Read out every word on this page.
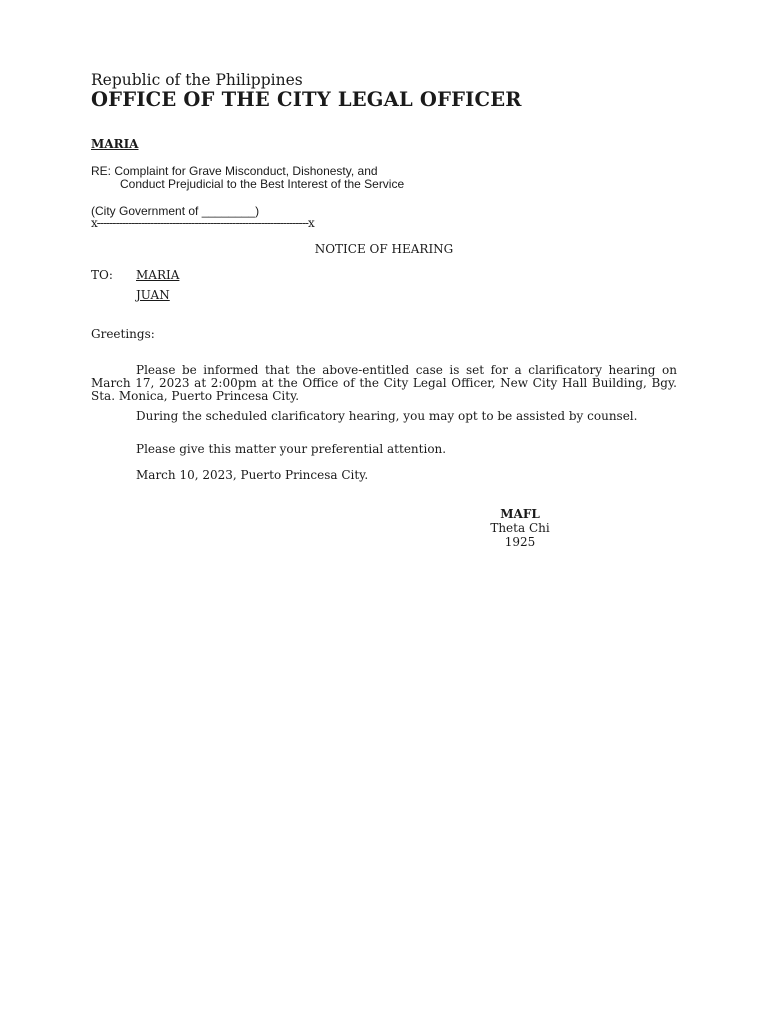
Republic of the Philippines
OFFICE OF THE CITY LEGAL OFFICER
MARIA
RE: Complaint for Grave Misconduct, Dishonesty, and
Conduct Prejudicial to the Best Interest of the Service
(City Government of ________)
x-------------------------------------------------------------------x
NOTICE OF HEARING
TO: MARIA
JUAN
Greetings:
Please be informed that the above-entitled case is set for a clarificatory hearing on March 17, 2023 at 2:00pm at the Office of the City Legal Officer, New City Hall Building, Bgy. Sta. Monica, Puerto Princesa City.
During the scheduled clarificatory hearing, you may opt to be assisted by counsel.
Please give this matter your preferential attention.
March 10, 2023, Puerto Princesa City.
MAFL
Theta Chi
1925
